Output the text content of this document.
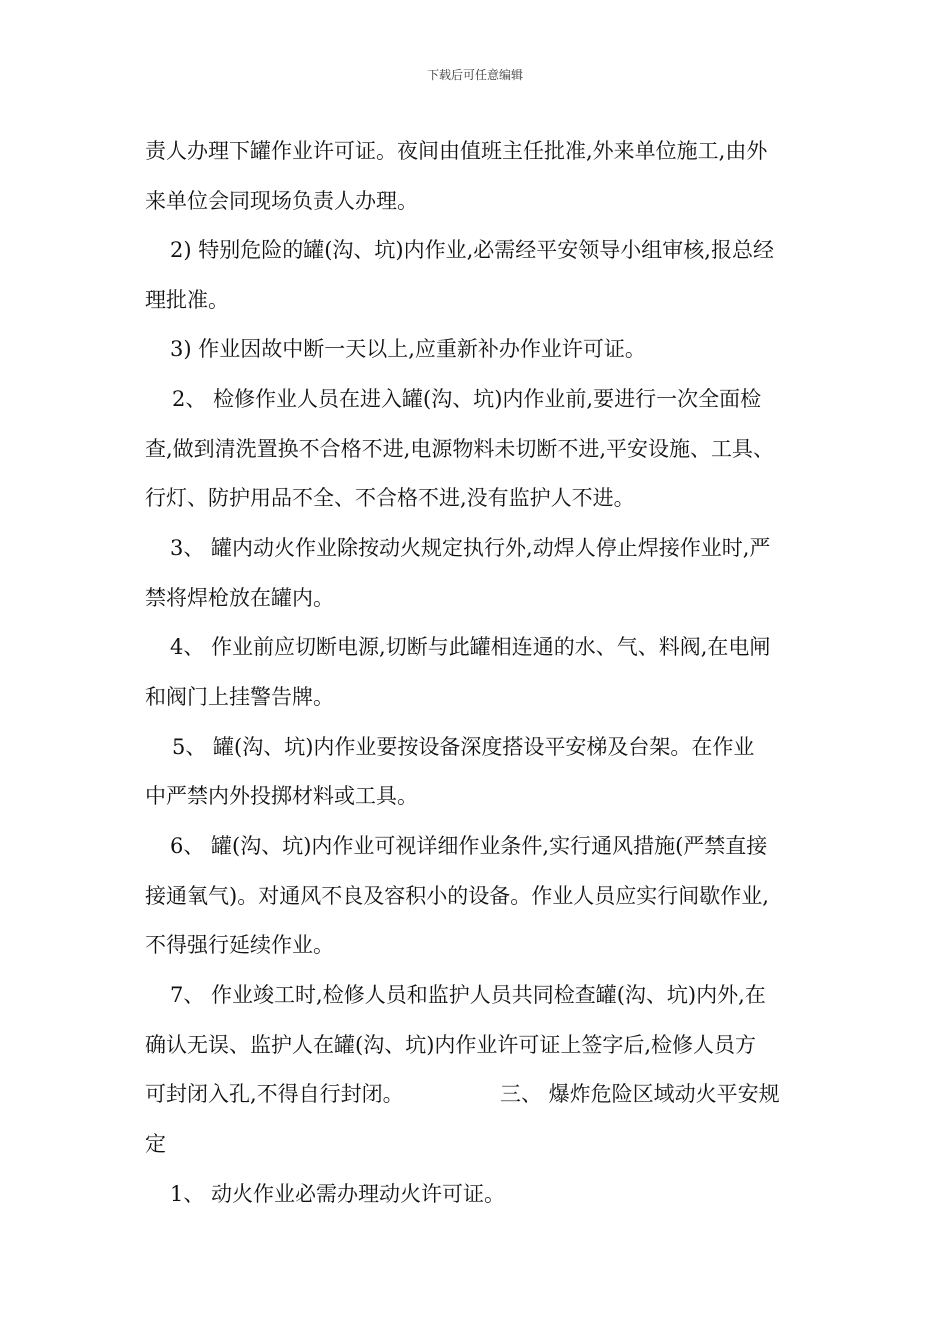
下载后可任意编辑
责人办理下罐作业许可证。夜间由值班主任批准,外来单位施工,由外
来单位会同现场负责人办理。
2) 特别危险的罐(沟、坑)内作业,必需经平安领导小组审核,报总经
理批准。
3) 作业因故中断一天以上,应重新补办作业许可证。
2、 检修作业人员在进入罐(沟、坑)内作业前,要进行一次全面检
查,做到清洗置换不合格不进,电源物料未切断不进,平安设施、工具、
行灯、防护用品不全、不合格不进,没有监护人不进。
3、 罐内动火作业除按动火规定执行外,动焊人停止焊接作业时,严
禁将焊枪放在罐内。
4、 作业前应切断电源,切断与此罐相连通的水、气、料阀,在电闸
和阀门上挂警告牌。
5、 罐(沟、坑)内作业要按设备深度搭设平安梯及台架。在作业
中严禁内外投掷材料或工具。
6、 罐(沟、坑)内作业可视详细作业条件,实行通风措施(严禁直接
接通氧气)。对通风不良及容积小的设备。作业人员应实行间歇作业,
不得强行延续作业。
7、 作业竣工时,检修人员和监护人员共同检查罐(沟、坑)内外,在
确认无误、监护人在罐(沟、坑)内作业许可证上签字后,检修人员方
可封闭入孔,不得自行封闭。	三、 爆炸危险区域动火平安规
定
1、 动火作业必需办理动火许可证。
